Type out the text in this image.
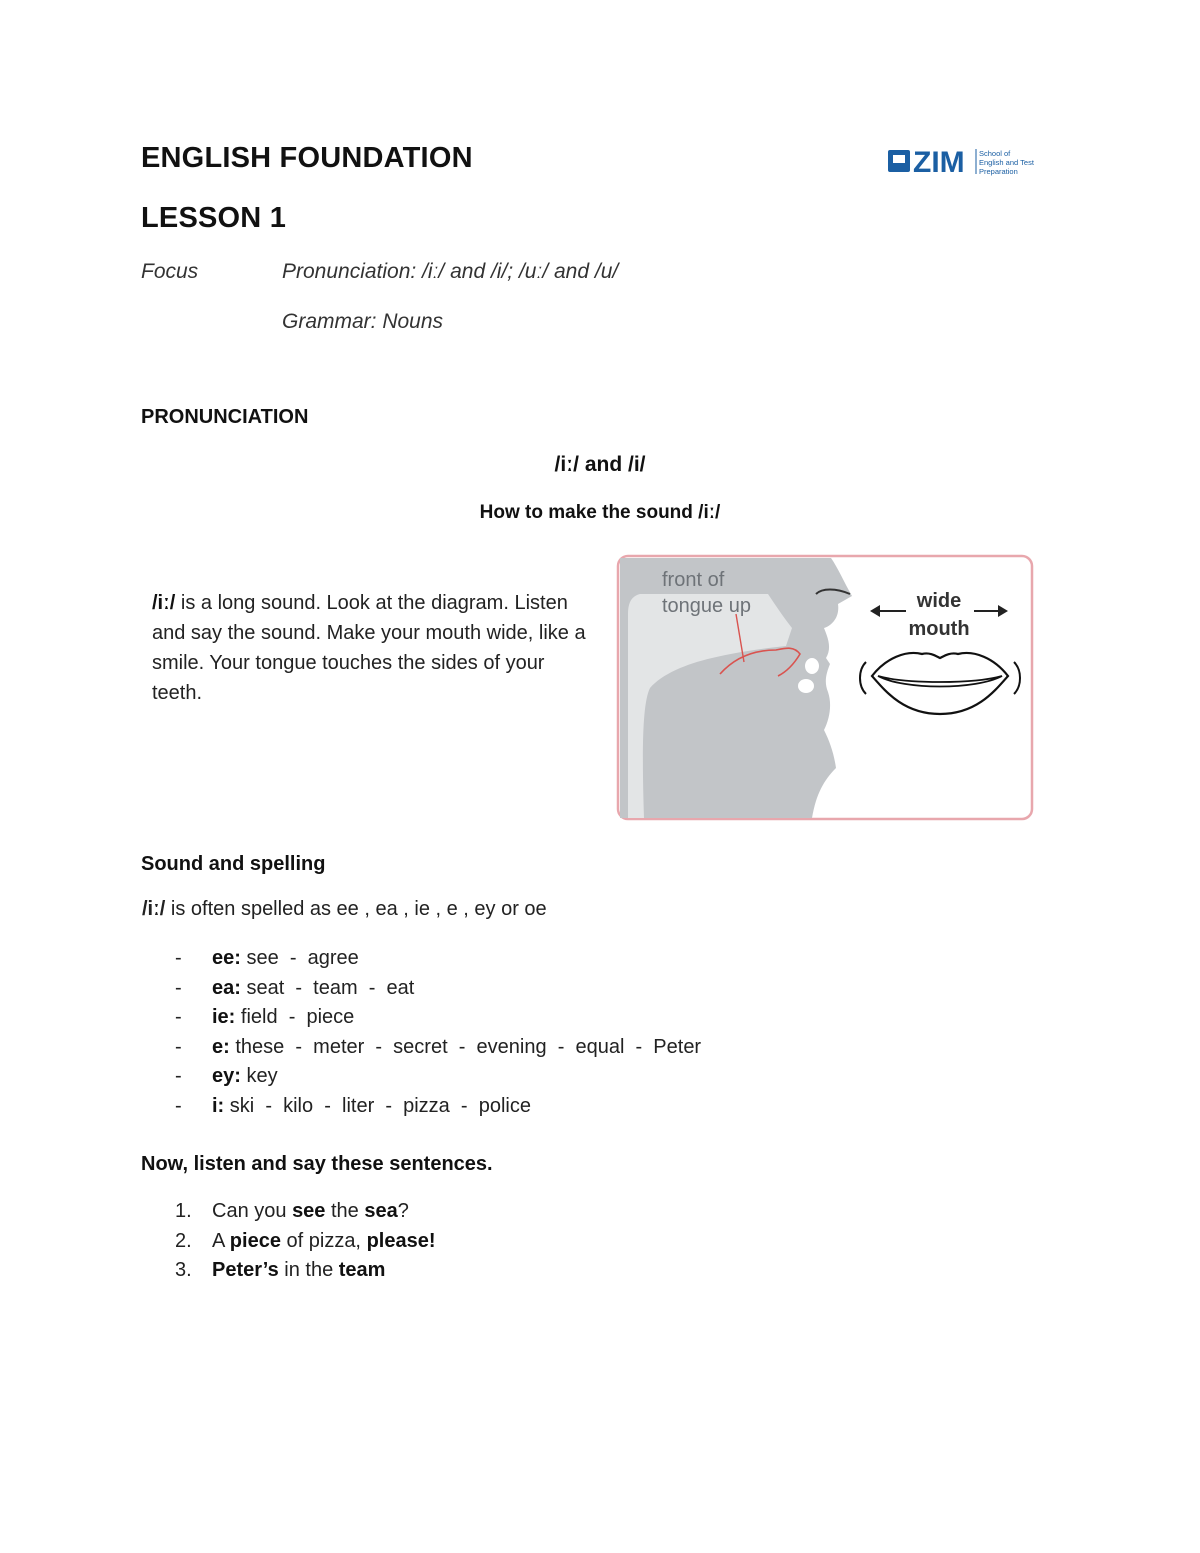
ENGLISH FOUNDATION
LESSON 1
ZIM School of
English and Test
Preparation
Focus	Pronunciation: /iː/ and /i/; /uː/ and /u/
Grammar: Nouns
PRONUNCIATION
/iː/ and /i/
How to make the sound /iː/
/iː/ is a long sound. Look at the diagram. Listen and say the sound. Make your mouth wide, like a smile. Your tongue touches the sides of your teeth.
front of
tongue up	wide
mouth
Sound and spelling
/iː/ is often spelled as ee , ea , ie , e , ey or oe
- ee: see  -  agree
- ea: seat  -  team  -  eat
- ie: field  -  piece
- e: these  -  meter  -  secret  -  evening  -  equal  -  Peter
- ey: key
- i: ski  -  kilo  -  liter  -  pizza  -  police
Now, listen and say these sentences.
1. Can you see the sea?
2. A piece of pizza, please!
3. Peter’s in the team
